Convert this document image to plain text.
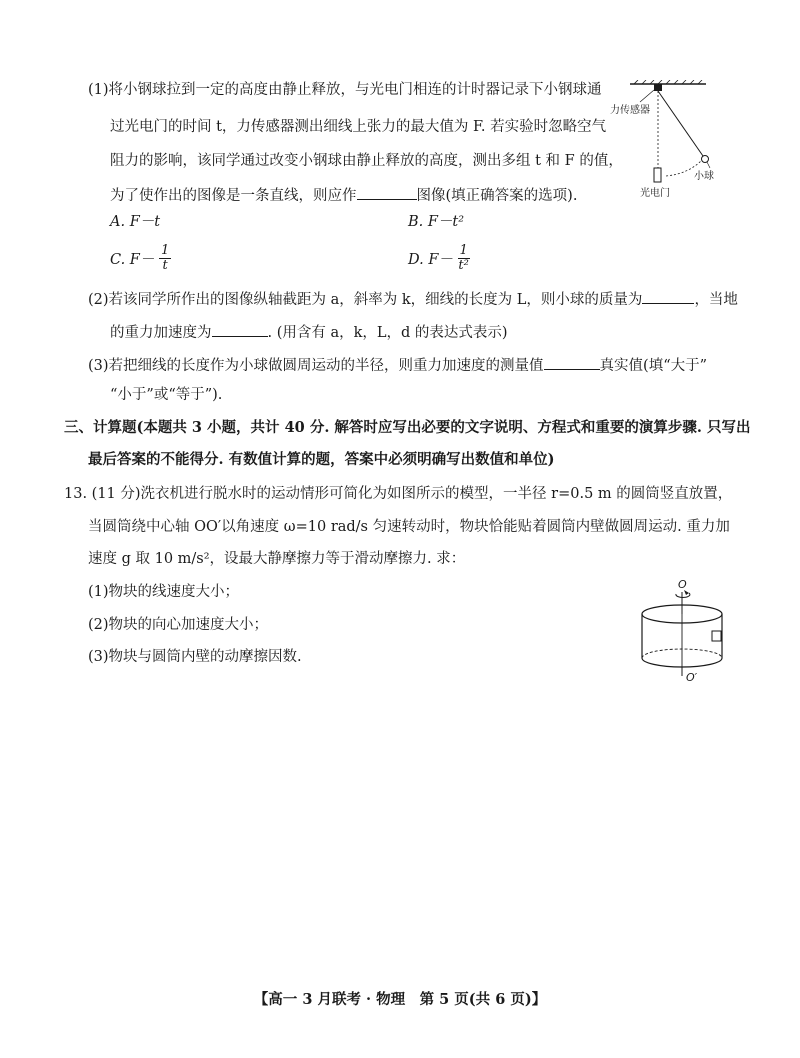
(1)将小钢球拉到一定的高度由静止释放，与光电门相连的计时器记录下小钢球通
过光电门的时间 t，力传感器测出细线上张力的最大值为 F. 若实验时忽略空气
阻力的影响，该同学通过改变小钢球由静止释放的高度，测出多组 t 和 F 的值，
为了使作出的图像是一条直线，则应作	图像(填正确答案的选项).
A. F－t	B. F－t²
C. $F- \frac{1}{t}$	D. $F- \frac{1}{\text{t²}}$
(2)若该同学所作出的图像纵轴截距为 a，斜率为 k，细线的长度为 L，则小球的质量为	，当地
的重力加速度为	. (用含有 a，k，L，d 的表达式表示)
(3)若把细线的长度作为小球做圆周运动的半径，则重力加速度的测量值	真实值(填“大于”
“小于”或“等于”).
三、计算题(本题共 3 小题，共计 40 分. 解答时应写出必要的文字说明、方程式和重要的演算步骤. 只写出
最后答案的不能得分. 有数值计算的题，答案中必须明确写出数值和单位)
13. (11 分)洗衣机进行脱水时的运动情形可简化为如图所示的模型，一半径 r=0.5 m 的圆筒竖直放置，
当圆筒绕中心轴 OO′以角速度 ω=10 rad/s 匀速转动时，物块恰能贴着圆筒内壁做圆周运动. 重力加
速度 g 取 10 m/s²，设最大静摩擦力等于滑动摩擦力. 求：
(1)物块的线速度大小；
(2)物块的向心加速度大小；
(3)物块与圆筒内壁的动摩擦因数.
力传感器
光电门
小球
O
O′
【高一 3 月联考 · 物理　第 5 页(共 6 页)】
